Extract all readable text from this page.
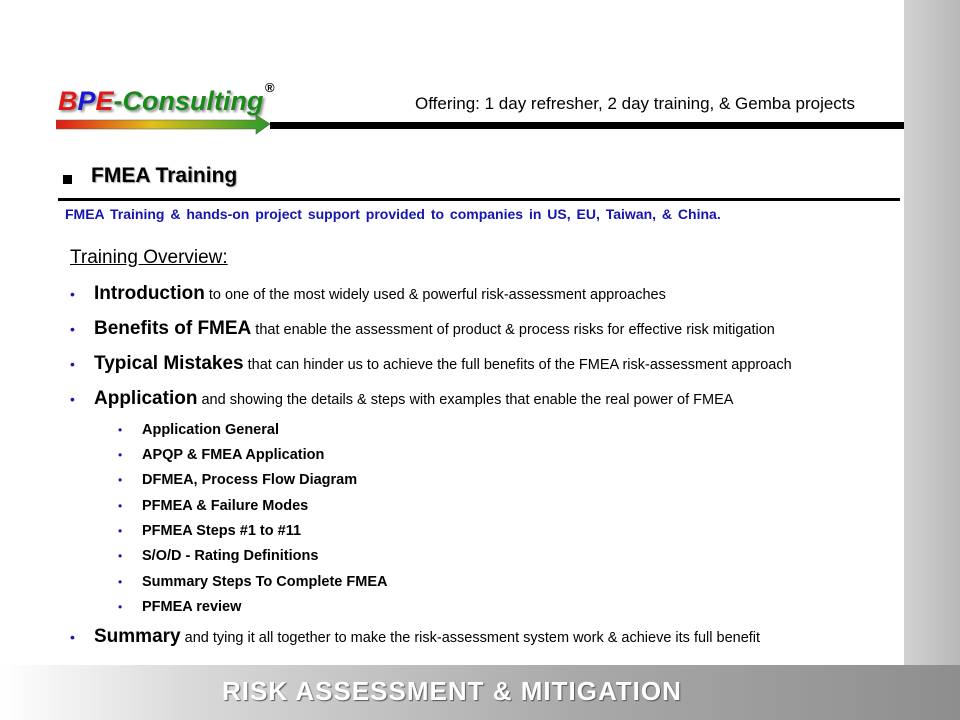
RISK ASSESSMENT & MITIGATION
BPE-Consulting ®
Offering: 1 day refresher, 2 day training, & Gemba projects
FMEA Training
FMEA Training & hands-on project support provided to companies in US, EU, Taiwan, & China.
Training Overview:
• Introduction to one of the most widely used & powerful risk-assessment approaches
• Benefits of FMEA that enable the assessment of product & process risks for effective risk mitigation
• Typical Mistakes that can hinder us to achieve the full benefits of the FMEA risk-assessment approach
• Application and showing the details & steps with examples that enable the real power of FMEA
• Application General
• APQP & FMEA Application
• DFMEA, Process Flow Diagram
• PFMEA & Failure Modes
• PFMEA Steps #1 to #11
• S/O/D - Rating Definitions
• Summary Steps To Complete FMEA
• PFMEA review
• Summary and tying it all together to make the risk-assessment system work & achieve its full benefit
